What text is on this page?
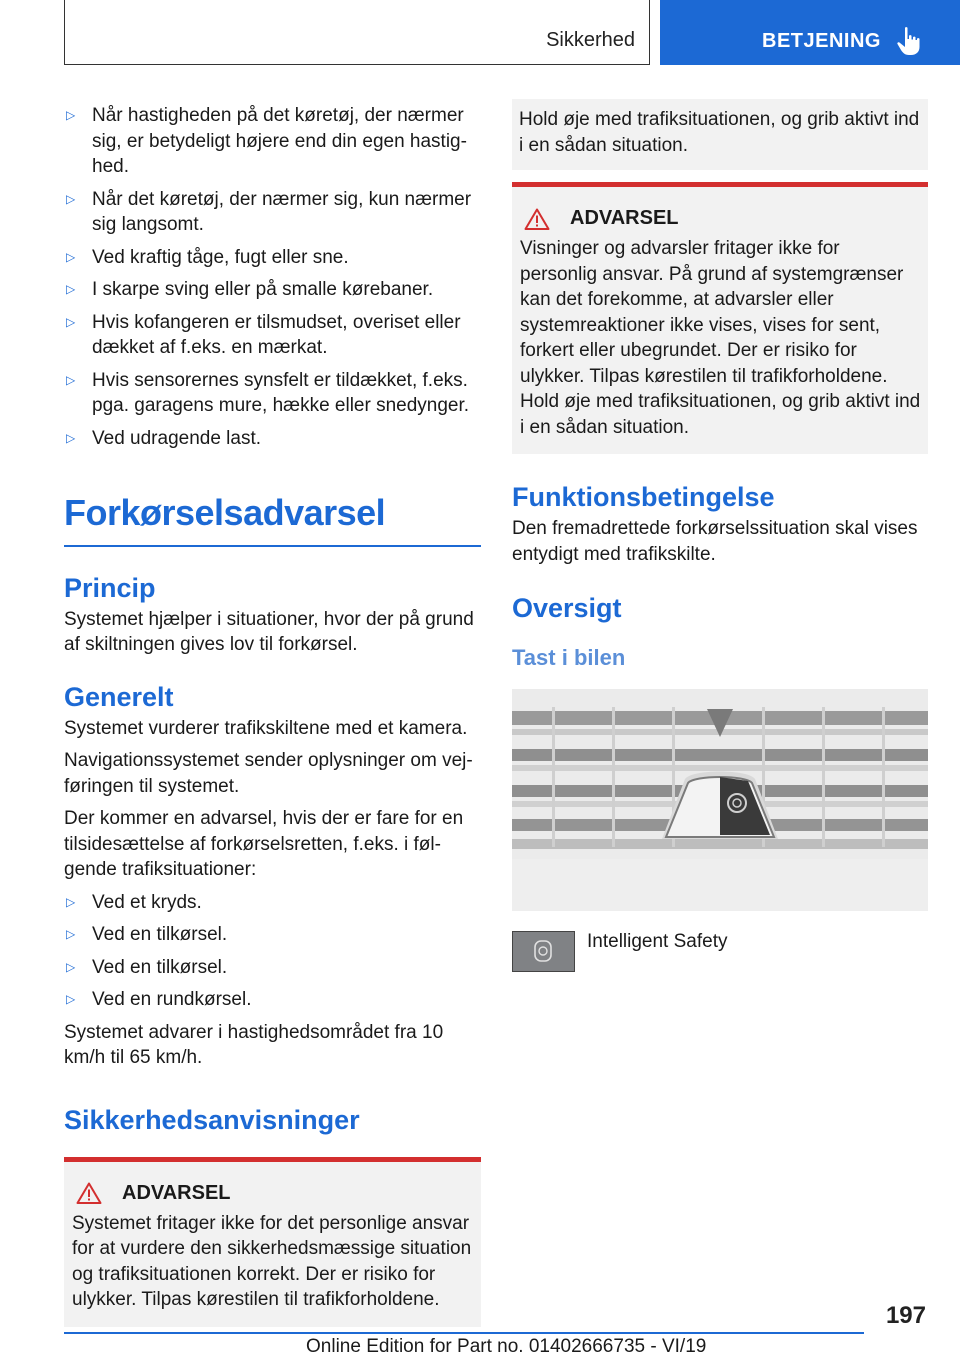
Sikkerhed	BETJENING
▷ Når hastigheden på det køretøj, der nærmer sig, er betydeligt højere end din egen hastighed.
▷ Når det køretøj, der nærmer sig, kun nærmer sig langsomt.
▷ Ved kraftig tåge, fugt eller sne.
▷ I skarpe sving eller på smalle kørebaner.
▷ Hvis kofangeren er tilsmudset, overiset eller dækket af f.eks. en mærkat.
▷ Hvis sensorernes synsfelt er tildækket, f.eks. pga. garagens mure, hække eller snedynger.
▷ Ved udragende last.
Forkørselsadvarsel
Princip
Systemet hjælper i situationer, hvor der på grund af skiltningen gives lov til forkørsel.
Generelt
Systemet vurderer trafikskiltene med et kamera.
Navigationssystemet sender oplysninger om vejføringen til systemet.
Der kommer en advarsel, hvis der er fare for en tilsidesættelse af forkørselsretten, f.eks. i følgende trafiksituationer:
▷ Ved et kryds.
▷ Ved en tilkørsel.
▷ Ved en tilkørsel.
▷ Ved en rundkørsel.
Systemet advarer i hastighedsområdet fra 10 km/h til 65 km/h.
Sikkerhedsanvisninger
ADVARSEL
Systemet fritager ikke for det personlige ansvar for at vurdere den sikkerhedsmæssige situation og trafiksituationen korrekt. Der er risiko for ulykker. Tilpas kørestilen til trafikforholdene.
Hold øje med trafiksituationen, og grib aktivt ind i en sådan situation.
ADVARSEL
Visninger og advarsler fritager ikke for personlig ansvar. På grund af systemgrænser kan det forekomme, at advarsler eller systemreaktioner ikke vises, vises for sent, forkert eller ubegrundet. Der er risiko for ulykker. Tilpas kørestilen til trafikforholdene. Hold øje med trafiksituationen, og grib aktivt ind i en sådan situation.
Funktionsbetingelse
Den fremadrettede forkørselssituation skal vises entydigt med trafikskilte.
Oversigt
Tast i bilen
Intelligent Safety
197
Online Edition for Part no. 01402666735 - VI/19
